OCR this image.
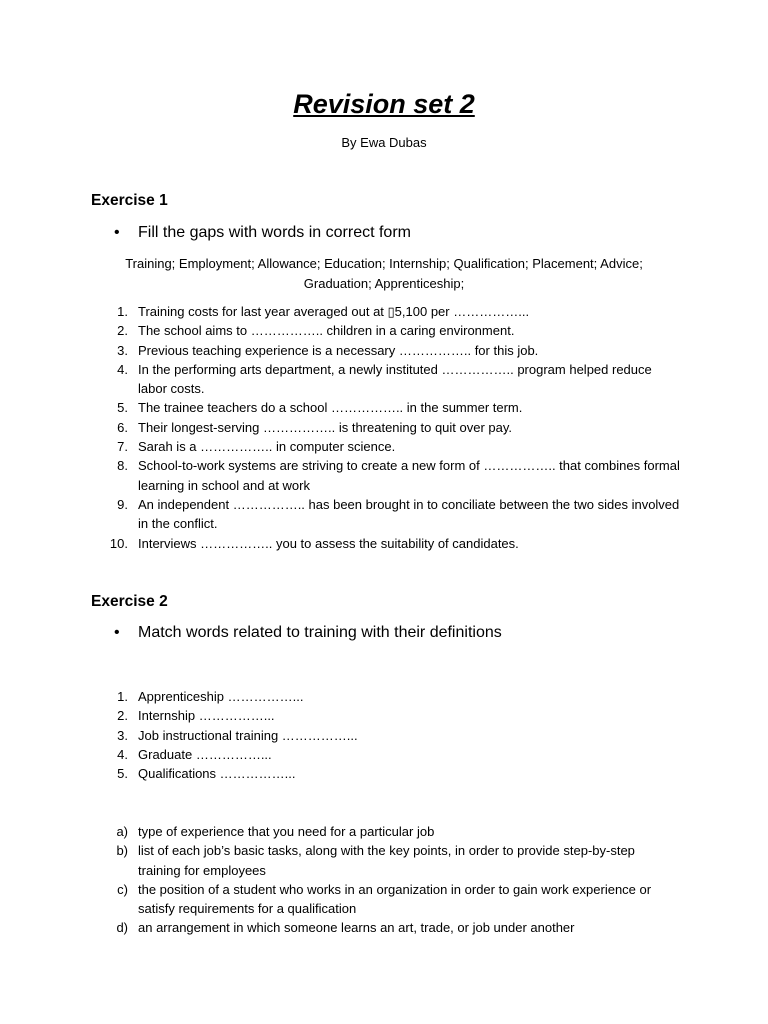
Revision set 2
By Ewa Dubas
Exercise 1
• Fill the gaps with words in correct form
Training; Employment; Allowance; Education; Internship; Qualification; Placement; Advice; Graduation; Apprenticeship;
1. Training costs for last year averaged out at ▯5,100 per ……………...
2. The school aims to …………….. children in a caring environment.
3. Previous teaching experience is a necessary …………….. for this job.
4. In the performing arts department, a newly instituted …………….. program helped reduce labor costs.
5. The trainee teachers do a school …………….. in the summer term.
6. Their longest-serving …………….. is threatening to quit over pay.
7. Sarah is a …………….. in computer science.
8. School-to-work systems are striving to create a new form of …………….. that combines formal learning in school and at work
9. An independent …………….. has been brought in to conciliate between the two sides involved in the conflict.
10. Interviews …………….. you to assess the suitability of candidates.
Exercise 2
• Match words related to training with their definitions
1. Apprenticeship ……………...
2. Internship ……………...
3. Job instructional training ……………...
4. Graduate ……………...
5. Qualifications ……………...
a) type of experience that you need for a particular job
b) list of each job’s basic tasks, along with the key points, in order to provide step-by-step training for employees
c) the position of a student who works in an organization in order to gain work experience or satisfy requirements for a qualification
d) an arrangement in which someone learns an art, trade, or job under another
